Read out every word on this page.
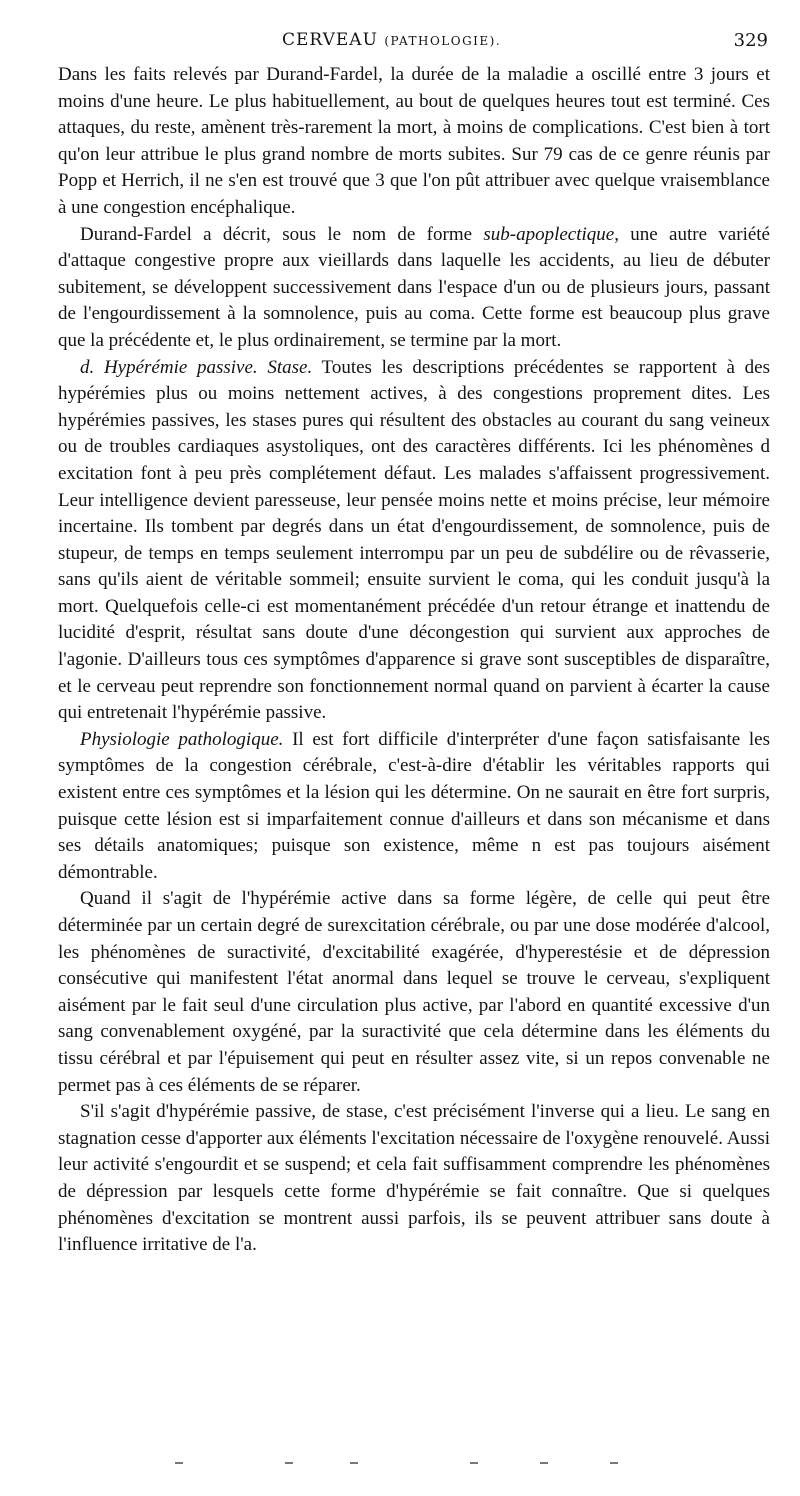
CERVEAU (PATHOLOGIE).	329

Dans les faits relevés par Durand-Fardel, la durée de la maladie a oscillé entre 3 jours et moins d'une heure. Le plus habituellement, au bout de quelques heures tout est terminé. Ces attaques, du reste, amènent très-rarement la mort, à moins de complications. C'est bien à tort qu'on leur attribue le plus grand nombre de morts subites. Sur 79 cas de ce genre réunis par Popp et Herrich, il ne s'en est trouvé que 3 que l'on pût attribuer avec quelque vraisemblance à une congestion encéphalique.

Durand-Fardel a décrit, sous le nom de forme sub-apoplectique, une autre variété d'attaque congestive propre aux vieillards dans laquelle les accidents, au lieu de débuter subitement, se développent successivement dans l'espace d'un ou de plusieurs jours, passant de l'engourdissement à la somnolence, puis au coma. Cette forme est beaucoup plus grave que la précédente et, le plus ordinairement, se termine par la mort.

d. Hypérémie passive. Stase. Toutes les descriptions précédentes se rapportent à des hypérémies plus ou moins nettement actives, à des congestions proprement dites. Les hypérémies passives, les stases pures qui résultent des obstacles au courant du sang veineux ou de troubles cardiaques asystoliques, ont des caractères différents. Ici les phénomènes d excitation font à peu près complétement défaut. Les malades s'affaissent progressivement. Leur intelligence devient paresseuse, leur pensée moins nette et moins précise, leur mémoire incertaine. Ils tombent par degrés dans un état d'engourdissement, de somnolence, puis de stupeur, de temps en temps seulement interrompu par un peu de subdélire ou de rêvasserie, sans qu'ils aient de véritable sommeil; ensuite survient le coma, qui les conduit jusqu'à la mort. Quelquefois celle-ci est momentanément précédée d'un retour étrange et inattendu de lucidité d'esprit, résultat sans doute d'une décongestion qui survient aux approches de l'agonie. D'ailleurs tous ces symptômes d'apparence si grave sont susceptibles de disparaître, et le cerveau peut reprendre son fonctionnement normal quand on parvient à écarter la cause qui entretenait l'hypérémie passive.

Physiologie pathologique. Il est fort difficile d'interpréter d'une façon satisfaisante les symptômes de la congestion cérébrale, c'est-à-dire d'établir les véritables rapports qui existent entre ces symptômes et la lésion qui les détermine. On ne saurait en être fort surpris, puisque cette lésion est si imparfaitement connue d'ailleurs et dans son mécanisme et dans ses détails anatomiques; puisque son existence, même n est pas toujours aisément démontrable.

Quand il s'agit de l'hypérémie active dans sa forme légère, de celle qui peut être déterminée par un certain degré de surexcitation cérébrale, ou par une dose modérée d'alcool, les phénomènes de suractivité, d'excitabilité exagérée, d'hyperestésie et de dépression consécutive qui manifestent l'état anormal dans lequel se trouve le cerveau, s'expliquent aisément par le fait seul d'une circulation plus active, par l'abord en quantité excessive d'un sang convenablement oxygéné, par la suractivité que cela détermine dans les éléments du tissu cérébral et par l'épuisement qui peut en résulter assez vite, si un repos convenable ne permet pas à ces éléments de se réparer.

S'il s'agit d'hypérémie passive, de stase, c'est précisément l'inverse qui a lieu. Le sang en stagnation cesse d'apporter aux éléments l'excitation nécessaire de l'oxygène renouvelé. Aussi leur activité s'engourdit et se suspend; et cela fait suffisamment comprendre les phénomènes de dépression par lesquels cette forme d'hypérémie se fait connaître. Que si quelques phénomènes d'excitation se montrent aussi parfois, ils se peuvent attribuer sans doute à l'influence irritative de l'a.
